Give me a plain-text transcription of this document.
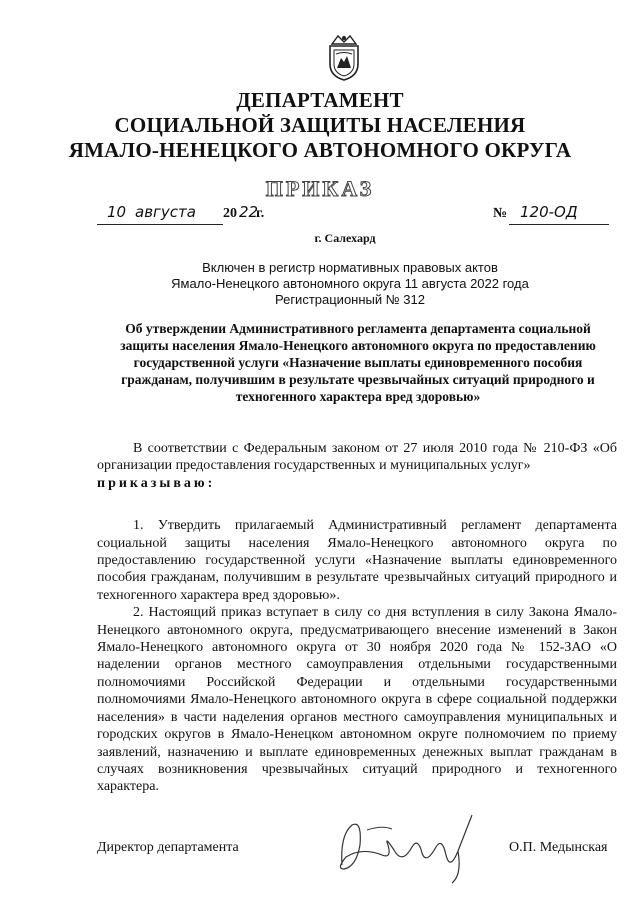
ДЕПАРТАМЕНТ
СОЦИАЛЬНОЙ ЗАЩИТЫ НАСЕЛЕНИЯ
ЯМАЛО-НЕНЕЦКОГО АВТОНОМНОГО ОКРУГА
ПРИКАЗ
10 августа 20 22
г.	№ 120-ОД
г. Салехард
Включен в регистр нормативных правовых актов
Ямало-Ненецкого автономного округа 11 августа 2022 года
Регистрационный № 312
Об утверждении Административного регламента департамента социальной защиты населения Ямало-Ненецкого автономного округа по предоставлению государственной услуги «Назначение выплаты единовременного пособия гражданам, получившим в результате чрезвычайных ситуаций природного и техногенного характера вред здоровью»

В соответствии с Федеральным законом от 27 июля 2010 года № 210-ФЗ «Об организации предоставления государственных и муниципальных услуг»

приказываю:

1. Утвердить прилагаемый Административный регламент департамента социальной защиты населения Ямало-Ненецкого автономного округа по предоставлению государственной услуги «Назначение выплаты единовременного пособия гражданам, получившим в результате чрезвычайных ситуаций природного и техногенного характера вред здоровью».

2. Настоящий приказ вступает в силу со дня вступления в силу Закона Ямало-Ненецкого автономного округа, предусматривающего внесение изменений в Закон Ямало-Ненецкого автономного округа от 30 ноября 2020 года № 152-ЗАО «О наделении органов местного самоуправления отдельными государственными полномочиями Российской Федерации и отдельными государственными полномочиями Ямало-Ненецкого автономного округа в сфере социальной поддержки населения» в части наделения органов местного самоуправления муниципальных и городских округов в Ямало-Ненецком автономном округе полномочием по приему заявлений, назначению и выплате единовременных денежных выплат гражданам в случаях возникновения чрезвычайных ситуаций природного и техногенного характера.

Директор департамента	О.П. Медынская
